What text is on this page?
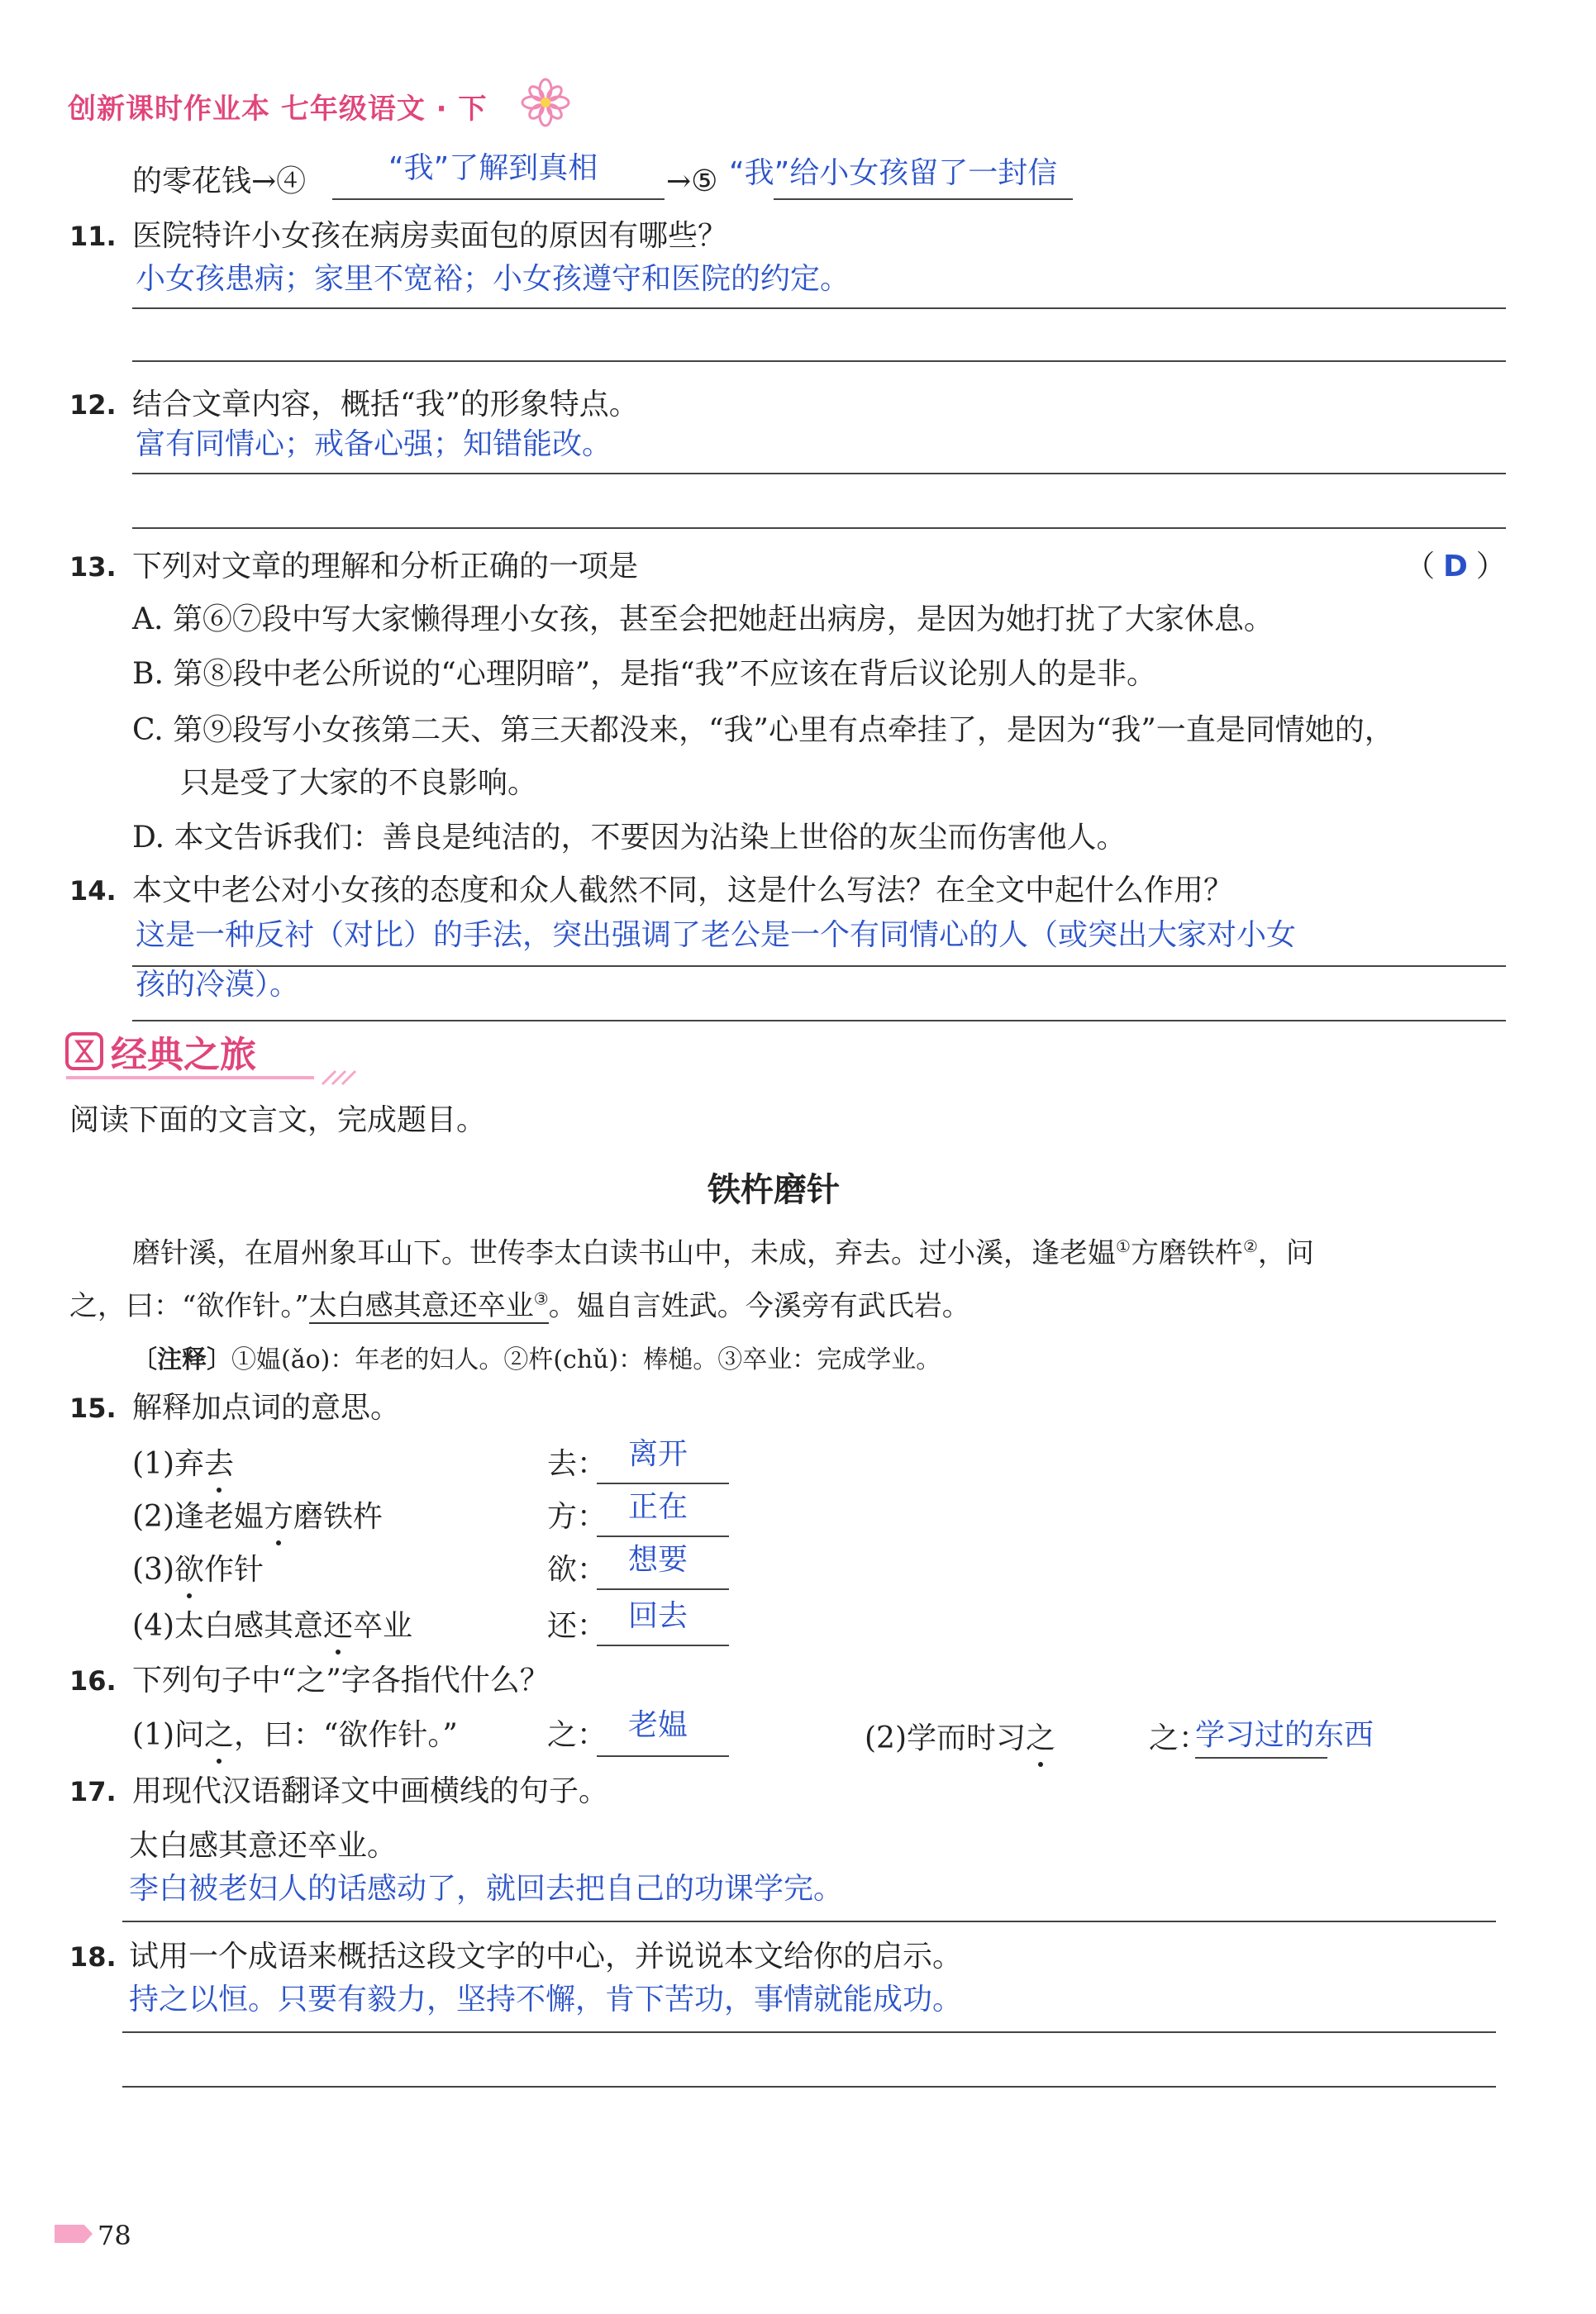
创新课时作业本 七年级语文 · 下
的零花钱→④	“我”了解到真相 →⑤ “我”给小女孩留了一封信
11. 医院特许小女孩在病房卖面包的原因有哪些？
小女孩患病；家里不宽裕；小女孩遵守和医院的约定。
12. 结合文章内容，概括“我”的形象特点。
富有同情心；戒备心强；知错能改。
13. 下列对文章的理解和分析正确的一项是	（ D ）
A. 第⑥⑦段中写大家懒得理小女孩，甚至会把她赶出病房，是因为她打扰了大家休息。
B. 第⑧段中老公所说的“心理阴暗”，是指“我”不应该在背后议论别人的是非。
C. 第⑨段写小女孩第二天、第三天都没来，“我”心里有点牵挂了，是因为“我”一直是同情她的，
只是受了大家的不良影响。
D. 本文告诉我们：善良是纯洁的，不要因为沾染上世俗的灰尘而伤害他人。
14. 本文中老公对小女孩的态度和众人截然不同，这是什么写法？在全文中起什么作用？
这是一种反衬（对比）的手法，突出强调了老公是一个有同情心的人（或突出大家对小女
孩的冷漠）。
经典之旅
阅读下面的文言文，完成题目。
铁杵磨针
磨针溪，在眉州象耳山下。世传李太白读书山中，未成，弃去。过小溪，逢老媪①方磨铁杵②，问
之，曰：“欲作针。”太白感其意还卒业③。媪自言姓武。今溪旁有武氏岩。
〔注释〕①媪(ǎo)：年老的妇人。②杵(chǔ)：棒槌。③卒业：完成学业。
15. 解释加点词的意思。
(1)弃去	去： 离开
(2)逢老媪方磨铁杵	方： 正在
(3)欲作针	欲： 想要
(4)太白感其意还卒业	还： 回去
16. 下列句子中“之”字各指代什么？
(1)问之，曰：“欲作针。”	之： 老媪	(2)学而时习之	之：
学习过的东西
17. 用现代汉语翻译文中画横线的句子。
太白感其意还卒业。
李白被老妇人的话感动了，就回去把自己的功课学完。
18. 试用一个成语来概括这段文字的中心，并说说本文给你的启示。
持之以恒。只要有毅力，坚持不懈，肯下苦功，事情就能成功。
78
